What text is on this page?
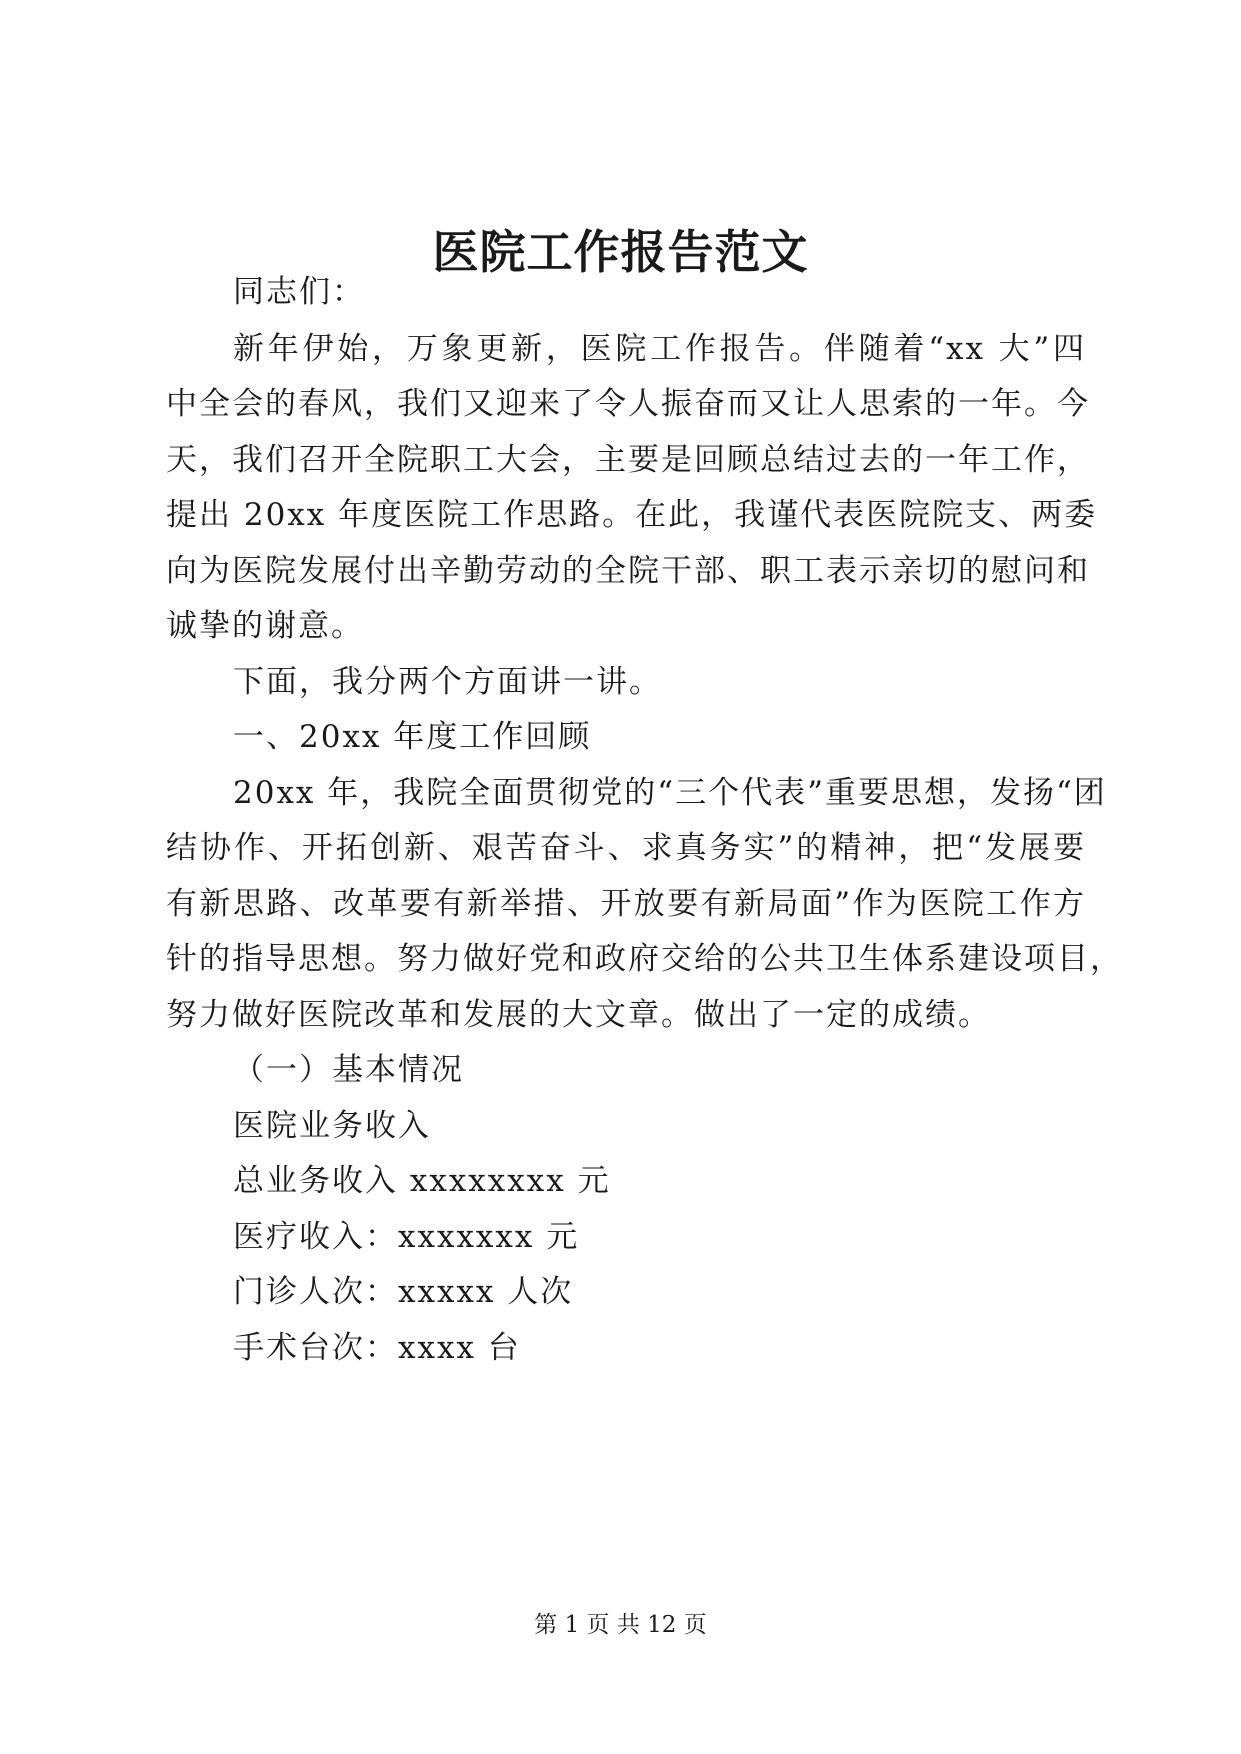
医院工作报告范文
同志们：
新年伊始，万象更新，医院工作报告。伴随着“xx 大”四
中全会的春风，我们又迎来了令人振奋而又让人思索的一年。今
天，我们召开全院职工大会，主要是回顾总结过去的一年工作，
提出 20xx 年度医院工作思路。在此，我谨代表医院院支、两委
向为医院发展付出辛勤劳动的全院干部、职工表示亲切的慰问和
诚挚的谢意。
下面，我分两个方面讲一讲。
一、20xx 年度工作回顾
20xx 年，我院全面贯彻党的“三个代表”重要思想，发扬“团
结协作、开拓创新、艰苦奋斗、求真务实”的精神，把“发展要
有新思路、改革要有新举措、开放要有新局面”作为医院工作方
针的指导思想。努力做好党和政府交给的公共卫生体系建设项目，
努力做好医院改革和发展的大文章。做出了一定的成绩。
（一）基本情况
医院业务收入
总业务收入 xxxxxxxx 元
医疗收入：xxxxxxx 元
门诊人次：xxxxx 人次
手术台次：xxxx 台
第 1 页 共 12 页
